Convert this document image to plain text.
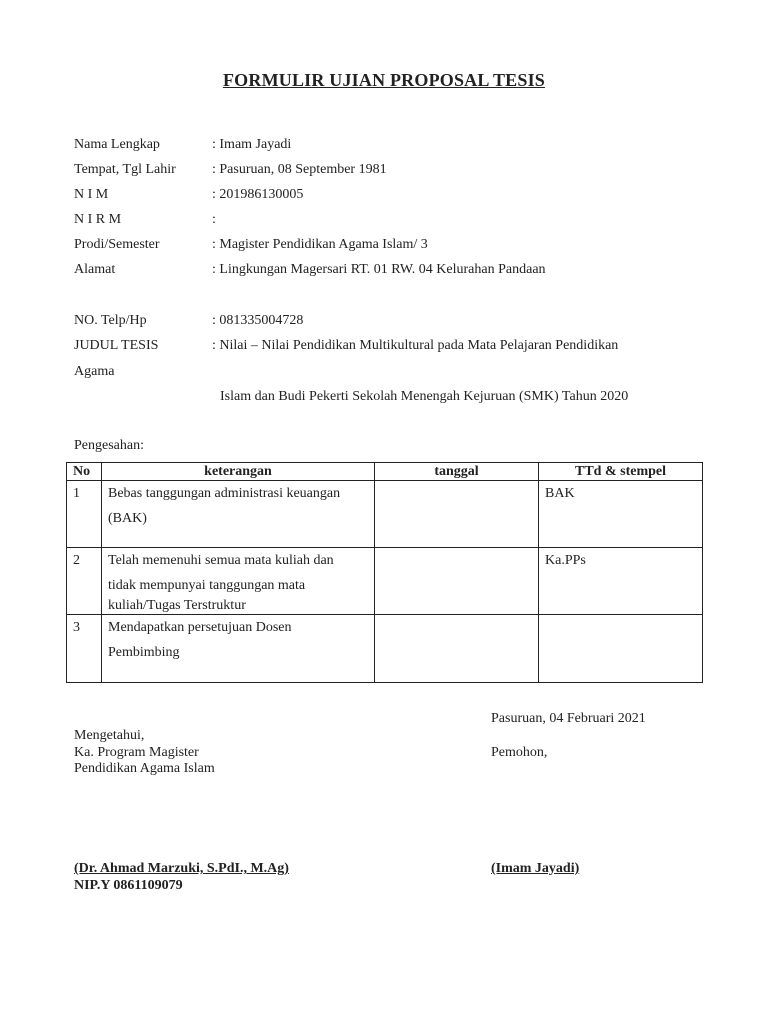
FORMULIR UJIAN PROPOSAL TESIS
Nama Lengkap	: Imam Jayadi
Tempat, Tgl Lahir	: Pasuruan, 08 September 1981
N I M	: 201986130005
N I R M	:
Prodi/Semester	: Magister Pendidikan Agama Islam/ 3
Alamat	: Lingkungan Magersari RT. 01 RW. 04 Kelurahan Pandaan
NO. Telp/Hp	: 081335004728
JUDUL TESIS	: Nilai – Nilai Pendidikan Multikultural pada Mata Pelajaran Pendidikan
Agama
Islam dan Budi Pekerti Sekolah Menengah Kejuruan (SMK) Tahun 2020
Pengesahan:
No	keterangan	tanggal	TTd & stempel
1	Bebas tanggungan administrasi keuangan
(BAK)		BAK
2	Telah memenuhi semua mata kuliah dan
tidak mempunyai tanggungan mata
kuliah/Tugas Terstruktur		Ka.PPs
3	Mendapatkan persetujuan Dosen
Pembimbing		

Pasuruan, 04 Februari 2021
Mengetahui,
Ka. Program Magister	Pemohon,
Pendidikan Agama Islam
(Dr. Ahmad Marzuki, S.PdI., M.Ag)
NIP.Y 0861109079
(Imam Jayadi)
